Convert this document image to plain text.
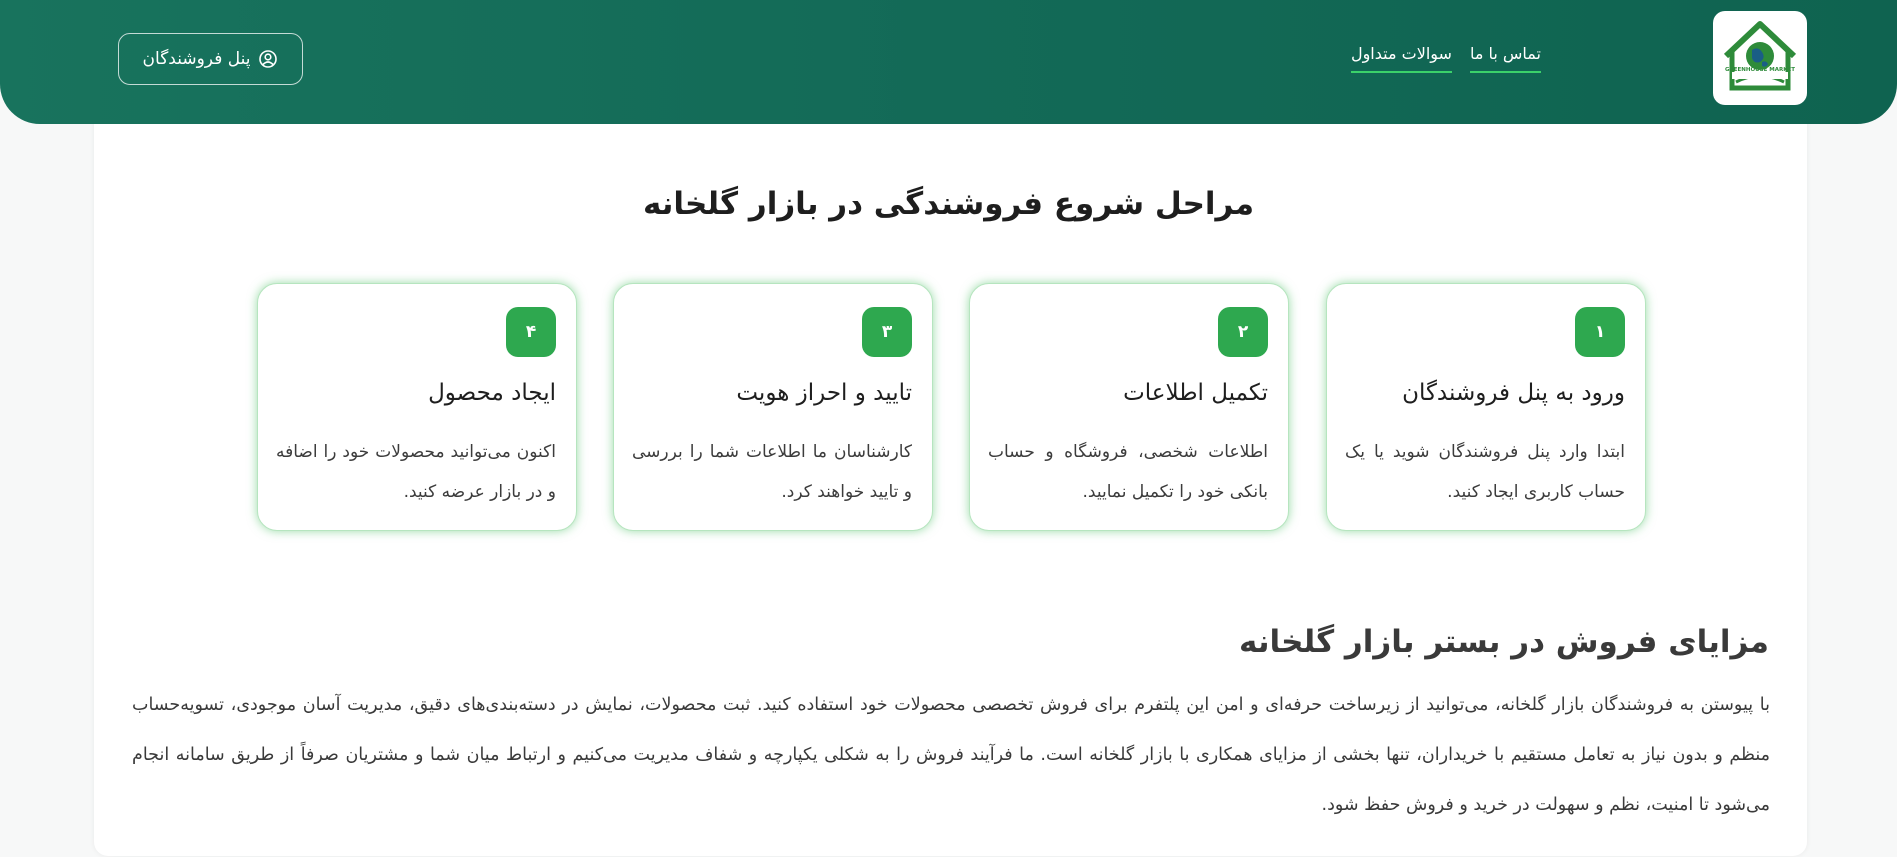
GREENHOUSE MARKET
سوالات متداول تماس با ما
پنل فروشندگان
مراحل شروع فروشندگی در بازار گلخانه
۱
ورود به پنل فروشندگان
ابتدا وارد پنل فروشندگان شوید یا یک حساب کاربری ایجاد کنید.
۲
تکمیل اطلاعات
اطلاعات شخصی، فروشگاه و حساب بانکی خود را تکمیل نمایید.
۳
تایید و احراز هویت
کارشناسان ما اطلاعات شما را بررسی و تایید خواهند کرد.
۴
ایجاد محصول
اکنون می‌توانید محصولات خود را اضافه و در بازار عرضه کنید.
مزایای فروش در بستر بازار گلخانه

با پیوستن به فروشندگان بازار گلخانه، می‌توانید از زیرساخت حرفه‌ای و امن این پلتفرم برای فروش تخصصی محصولات خود استفاده کنید. ثبت محصولات، نمایش در دسته‌بندی‌های دقیق، مدیریت آسان موجودی، تسویه‌حساب منظم و بدون نیاز به تعامل مستقیم با خریداران، تنها بخشی از مزایای همکاری با بازار گلخانه است. ما فرآیند فروش را به شکلی یکپارچه و شفاف مدیریت می‌کنیم و ارتباط میان شما و مشتریان صرفاً از طریق سامانه انجام می‌شود تا امنیت، نظم و سهولت در خرید و فروش حفظ شود.
